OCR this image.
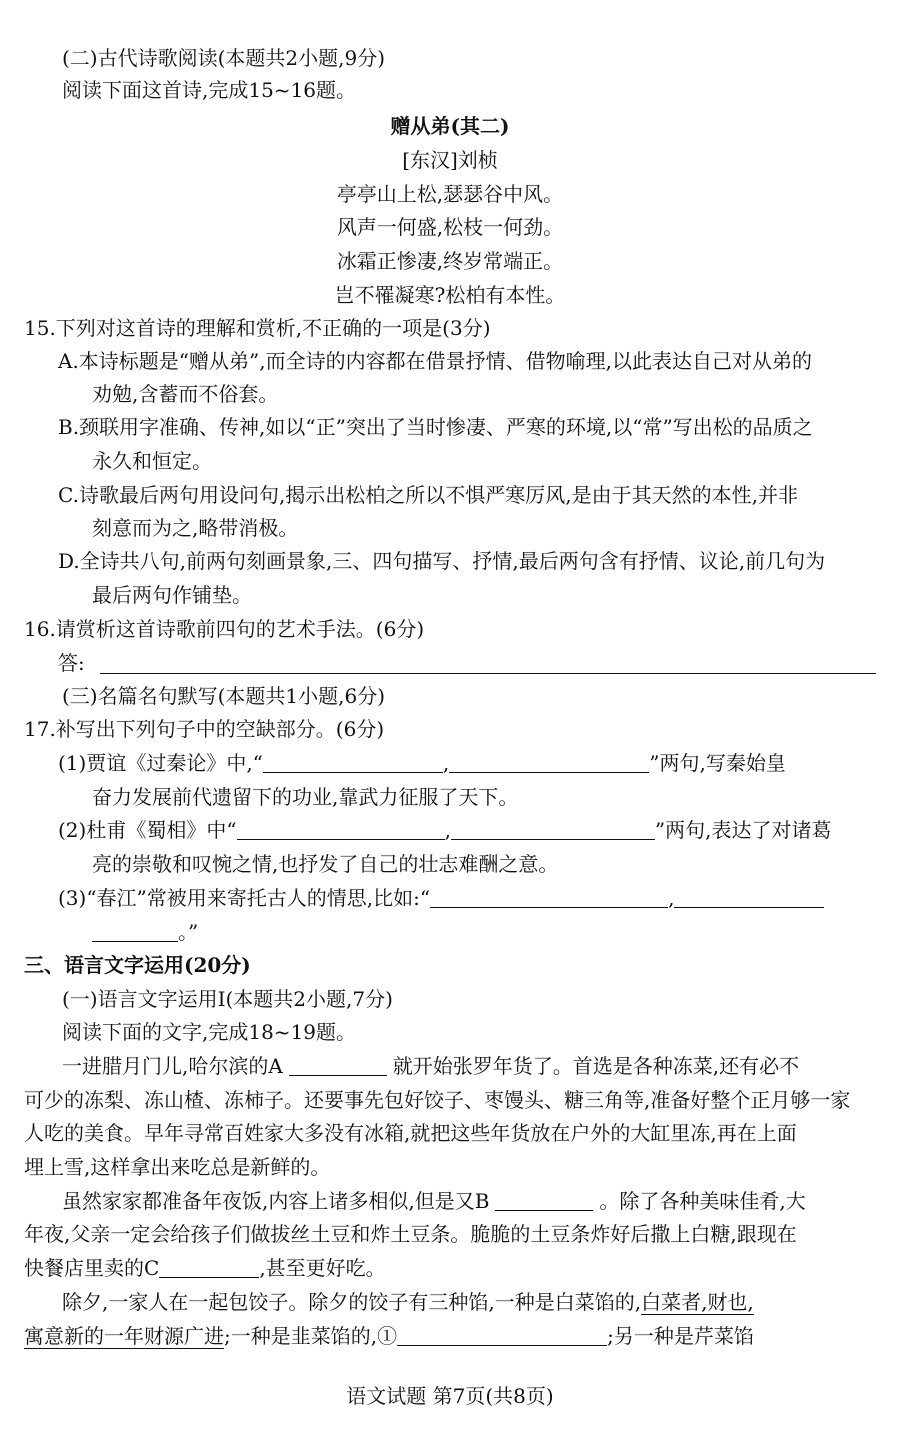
(二)古代诗歌阅读(本题共2小题,9分)
阅读下面这首诗,完成15~16题。
赠从弟(其二)
[东汉]刘桢
亭亭山上松,瑟瑟谷中风。
风声一何盛,松枝一何劲。
冰霜正惨凄,终岁常端正。
岂不罹凝寒?松柏有本性。
15.下列对这首诗的理解和赏析,不正确的一项是(3分)
A.本诗标题是“赠从弟”,而全诗的内容都在借景抒情、借物喻理,以此表达自己对从弟的
劝勉,含蓄而不俗套。
B.颈联用字准确、传神,如以“正”突出了当时惨凄、严寒的环境,以“常”写出松的品质之
永久和恒定。
C.诗歌最后两句用设问句,揭示出松柏之所以不惧严寒厉风,是由于其天然的本性,并非
刻意而为之,略带消极。
D.全诗共八句,前两句刻画景象,三、四句描写、抒情,最后两句含有抒情、议论,前几句为
最后两句作铺垫。
16.请赏析这首诗歌前四句的艺术手法。(6分)
答:
(三)名篇名句默写(本题共1小题,6分)
17.补写出下列句子中的空缺部分。(6分)
(1)贾谊《过秦论》中,“	,	”两句,写秦始皇
奋力发展前代遗留下的功业,靠武力征服了天下。
(2)杜甫《蜀相》中“	,	”两句,表达了对诸葛
亮的崇敬和叹惋之情,也抒发了自己的壮志难酬之意。
(3)“春江”常被用来寄托古人的情思,比如:“	,
。”
三、语言文字运用(20分)
(一)语言文字运用Ⅰ(本题共2小题,7分)
阅读下面的文字,完成18~19题。
一进腊月门儿,哈尔滨的A	就开始张罗年货了。首选是各种冻菜,还有必不
可少的冻梨、冻山楂、冻柿子。还要事先包好饺子、枣馒头、糖三角等,准备好整个正月够一家
人吃的美食。早年寻常百姓家大多没有冰箱,就把这些年货放在户外的大缸里冻,再在上面
埋上雪,这样拿出来吃总是新鲜的。
虽然家家都准备年夜饭,内容上诸多相似,但是又B	。除了各种美味佳肴,大
年夜,父亲一定会给孩子们做拔丝土豆和炸土豆条。脆脆的土豆条炸好后撒上白糖,跟现在
快餐店里卖的C	,甚至更好吃。
除夕,一家人在一起包饺子。除夕的饺子有三种馅,一种是白菜馅的,白菜者,财也,
寓意新的一年财源广进;一种是韭菜馅的,①	;另一种是芹菜馅
语文试题 第7页(共8页)
